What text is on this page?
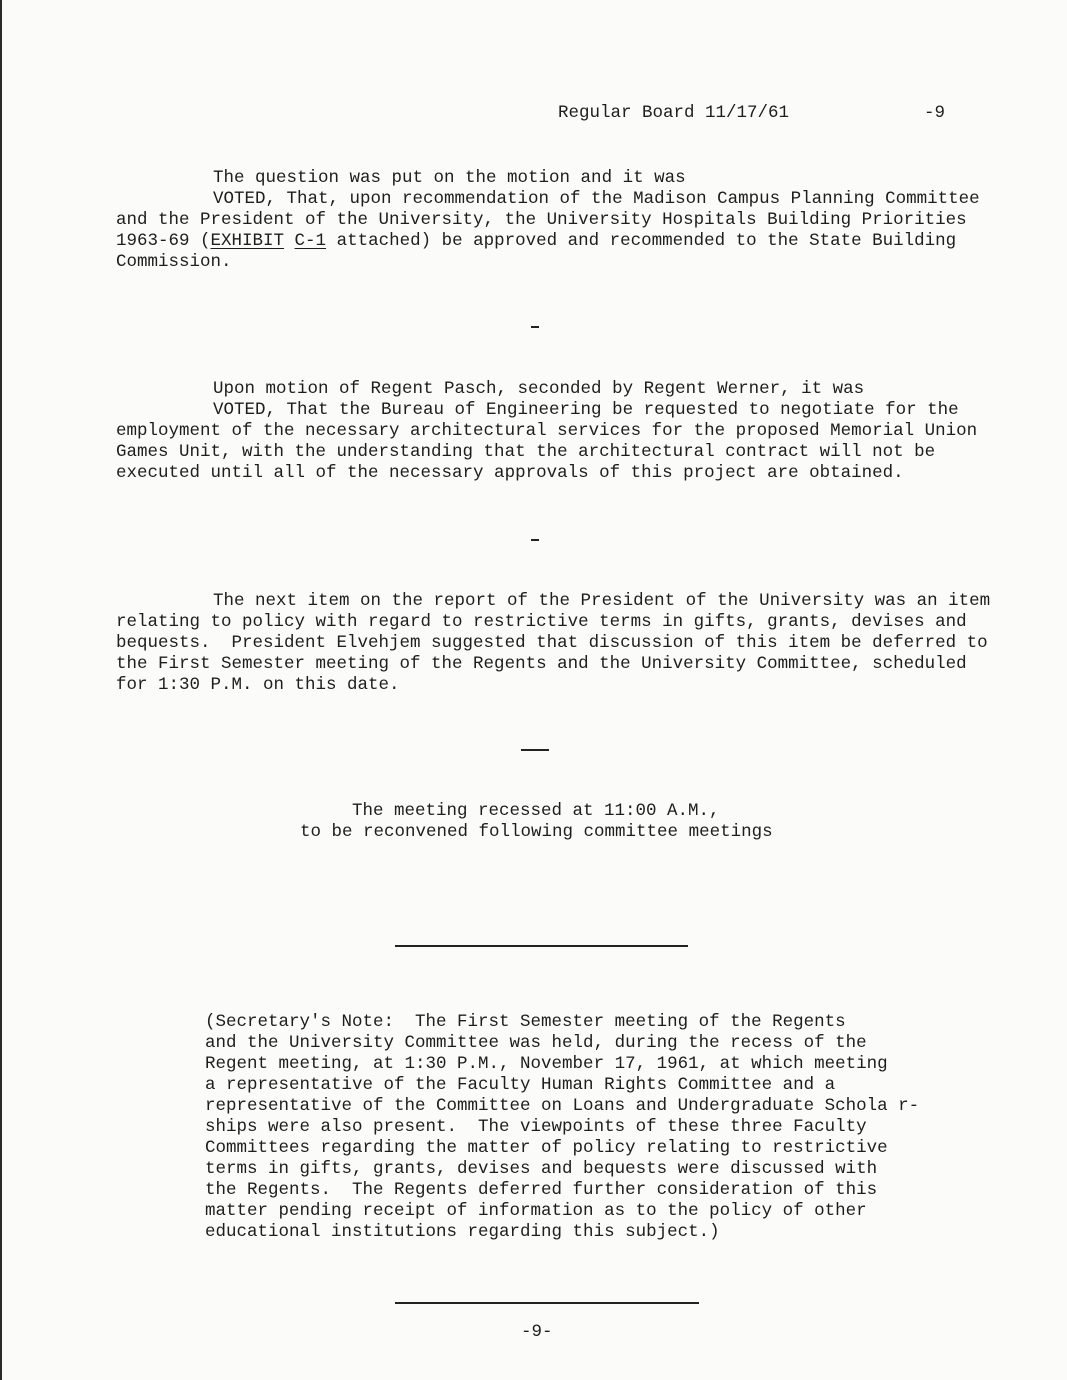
Regular Board 11/17/61	-9
The question was put on the motion and it was
VOTED, That, upon recommendation of the Madison Campus Planning Committee
and the President of the University, the University Hospitals Building Priorities
1963-69 (EXHIBIT C-1 attached) be approved and recommended to the State Building
Commission.
Upon motion of Regent Pasch, seconded by Regent Werner, it was
VOTED, That the Bureau of Engineering be requested to negotiate for the
employment of the necessary architectural services for the proposed Memorial Union
Games Unit, with the understanding that the architectural contract will not be
executed until all of the necessary approvals of this project are obtained.
The next item on the report of the President of the University was an item
relating to policy with regard to restrictive terms in gifts, grants, devises and
bequests.  President Elvehjem suggested that discussion of this item be deferred to
the First Semester meeting of the Regents and the University Committee, scheduled
for 1:30 P.M. on this date.
The meeting recessed at 11:00 A.M.,
to be reconvened following committee meetings
(Secretary's Note:  The First Semester meeting of the Regents
and the University Committee was held, during the recess of the
Regent meeting, at 1:30 P.M., November 17, 1961, at which meeting
a representative of the Faculty Human Rights Committee and a
representative of the Committee on Loans and Undergraduate Schola r-
ships were also present.  The viewpoints of these three Faculty
Committees regarding the matter of policy relating to restrictive
terms in gifts, grants, devises and bequests were discussed with
the Regents.  The Regents deferred further consideration of this
matter pending receipt of information as to the policy of other
educational institutions regarding this subject.)
-9-
